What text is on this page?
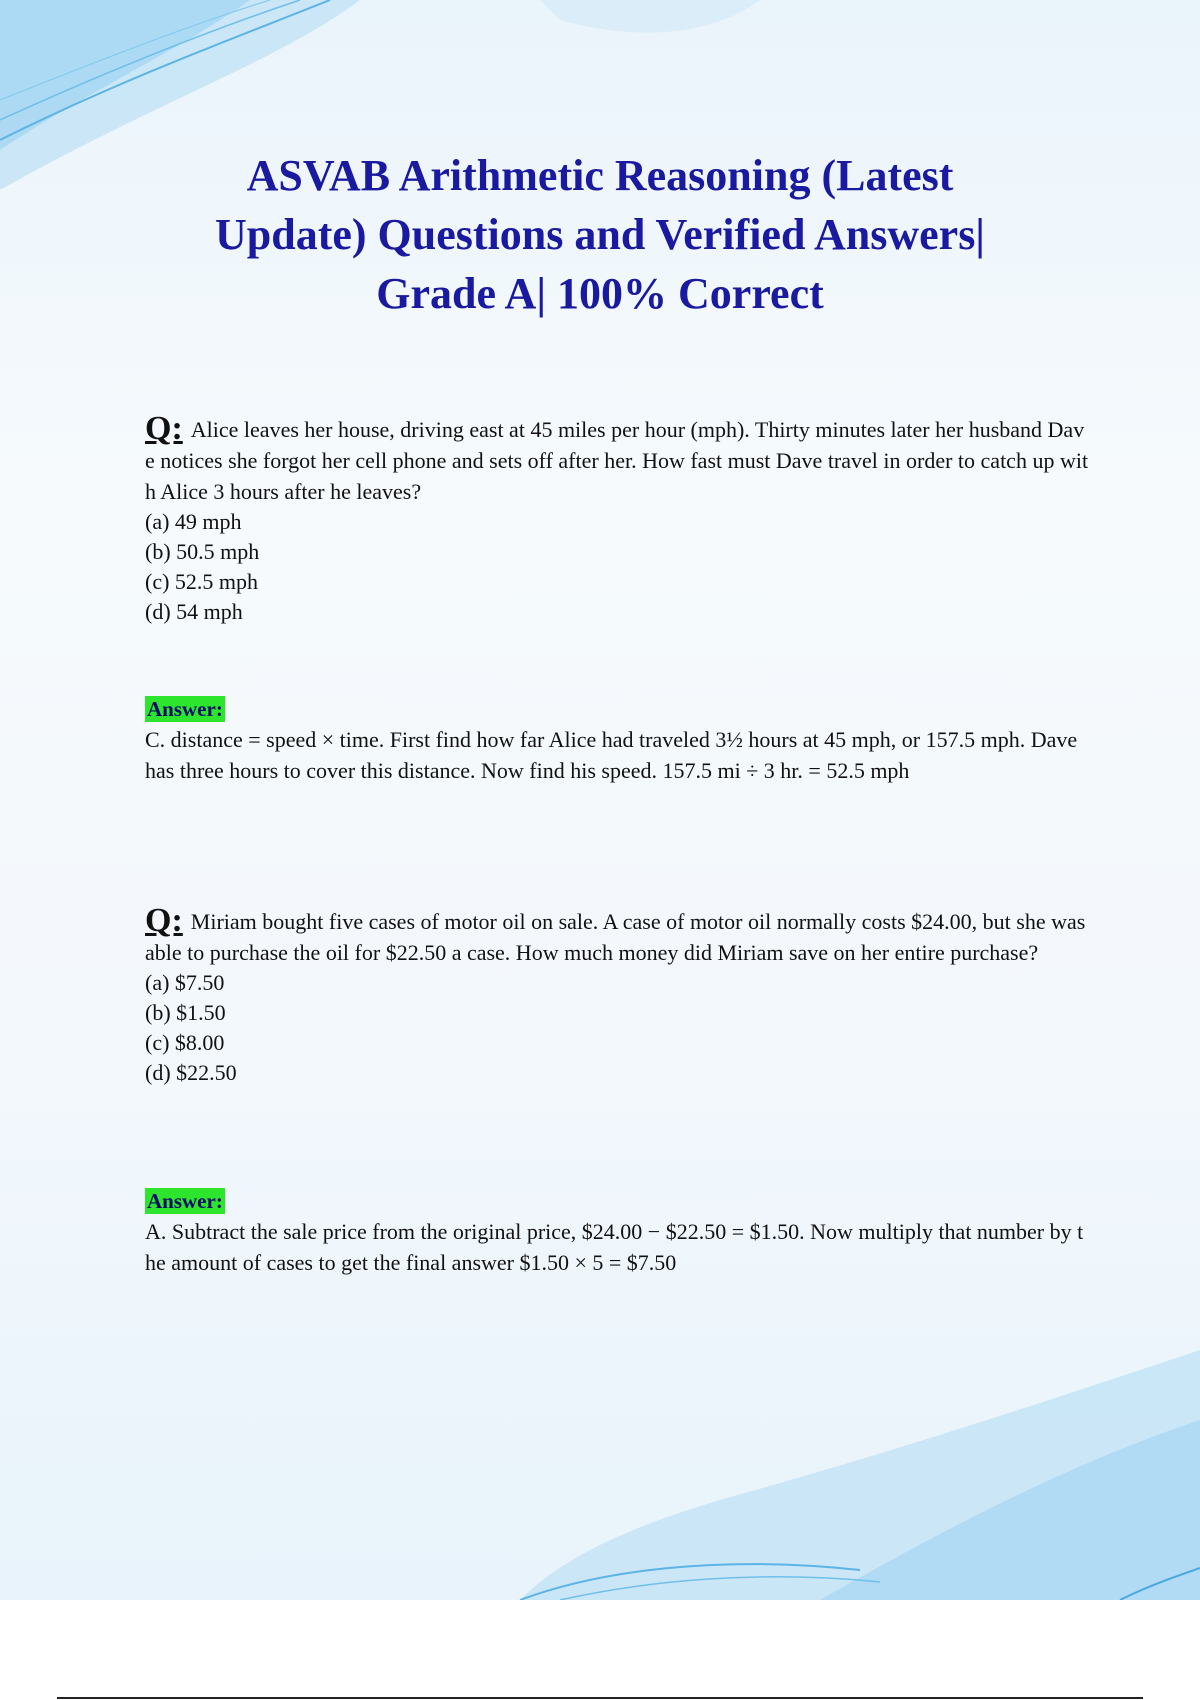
ASVAB Arithmetic Reasoning (Latest
Update) Questions and Verified Answers|
Grade A| 100% Correct

Q: Alice leaves her house, driving east at 45 miles per hour (mph). Thirty minutes later her husband Dave notices she forgot her cell phone and sets off after her. How fast must Dave travel in order to catch up with Alice 3 hours after he leaves?

(a) 49 mph

(b) 50.5 mph

(c) 52.5 mph

(d) 54 mph

Answer:

C. distance = speed × time. First find how far Alice had traveled 3½ hours at 45 mph, or 157.5 mph. Dave has three hours to cover this distance. Now find his speed. 157.5 mi ÷ 3 hr. = 52.5 mph

Q: Miriam bought five cases of motor oil on sale. A case of motor oil normally costs $24.00, but she was able to purchase the oil for $22.50 a case. How much money did Miriam save on her entire purchase?

(a) $7.50

(b) $1.50

(c) $8.00

(d) $22.50

Answer:

A. Subtract the sale price from the original price, $24.00 − $22.50 = $1.50. Now multiply that number by the amount of cases to get the final answer $1.50 × 5 = $7.50
